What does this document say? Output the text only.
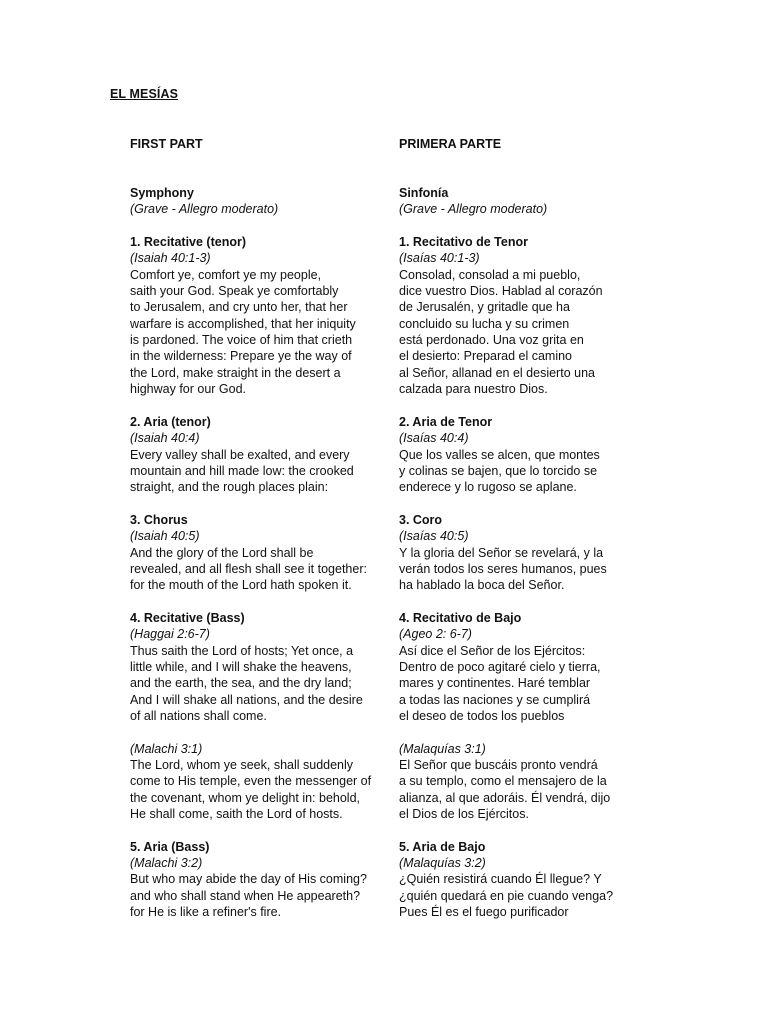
EL MESÍAS
FIRST PART
Symphony
(Grave - Allegro moderato)
1. Recitative (tenor)
(Isaiah 40:1-3)
Comfort ye, comfort ye my people,
saith your God. Speak ye comfortably
to Jerusalem, and cry unto her, that her
warfare is accomplished, that her iniquity
is pardoned. The voice of him that crieth
in the wilderness: Prepare ye the way of
the Lord, make straight in the desert a
highway for our God.
2. Aria (tenor)
(Isaiah 40:4)
Every valley shall be exalted, and every
mountain and hill made low: the crooked
straight, and the rough places plain:
3. Chorus
(Isaiah 40:5)
And the glory of the Lord shall be
revealed, and all flesh shall see it together:
for the mouth of the Lord hath spoken it.
4. Recitative (Bass)
(Haggai 2:6-7)
Thus saith the Lord of hosts; Yet once, a
little while, and I will shake the heavens,
and the earth, the sea, and the dry land;
And I will shake all nations, and the desire
of all nations shall come.
(Malachi 3:1)
The Lord, whom ye seek, shall suddenly
come to His temple, even the messenger of
the covenant, whom ye delight in: behold,
He shall come, saith the Lord of hosts.
5. Aria (Bass)
(Malachi 3:2)
But who may abide the day of His coming?
and who shall stand when He appeareth?
for He is like a refiner's fire.
PRIMERA PARTE
Sinfonía
(Grave - Allegro moderato)
1. Recitativo de Tenor
(Isaías 40:1-3)
Consolad, consolad a mi pueblo,
dice vuestro Dios. Hablad al corazón
de Jerusalén, y gritadle que ha
concluido su lucha y su crimen
está perdonado. Una voz grita en
el desierto: Preparad el camino
al Señor, allanad en el desierto una
calzada para nuestro Dios.
2. Aria de Tenor
(Isaías 40:4)
Que los valles se alcen, que montes
y colinas se bajen, que lo torcido se
enderece y lo rugoso se aplane.
3. Coro
(Isaías 40:5)
Y la gloria del Señor se revelará, y la
verán todos los seres humanos, pues
ha hablado la boca del Señor.
4. Recitativo de Bajo
(Ageo 2: 6-7)
Así dice el Señor de los Ejércitos:
Dentro de poco agitaré cielo y tierra,
mares y continentes. Haré temblar
a todas las naciones y se cumplirá
el deseo de todos los pueblos
(Malaquías 3:1)
El Señor que buscáis pronto vendrá
a su templo, como el mensajero de la
alianza, al que adoráis. Él vendrá, dijo
el Dios de los Ejércitos.
5. Aria de Bajo
(Malaquías 3:2)
¿Quién resistirá cuando Él llegue? Y
¿quién quedará en pie cuando venga?
Pues Él es el fuego purificador
